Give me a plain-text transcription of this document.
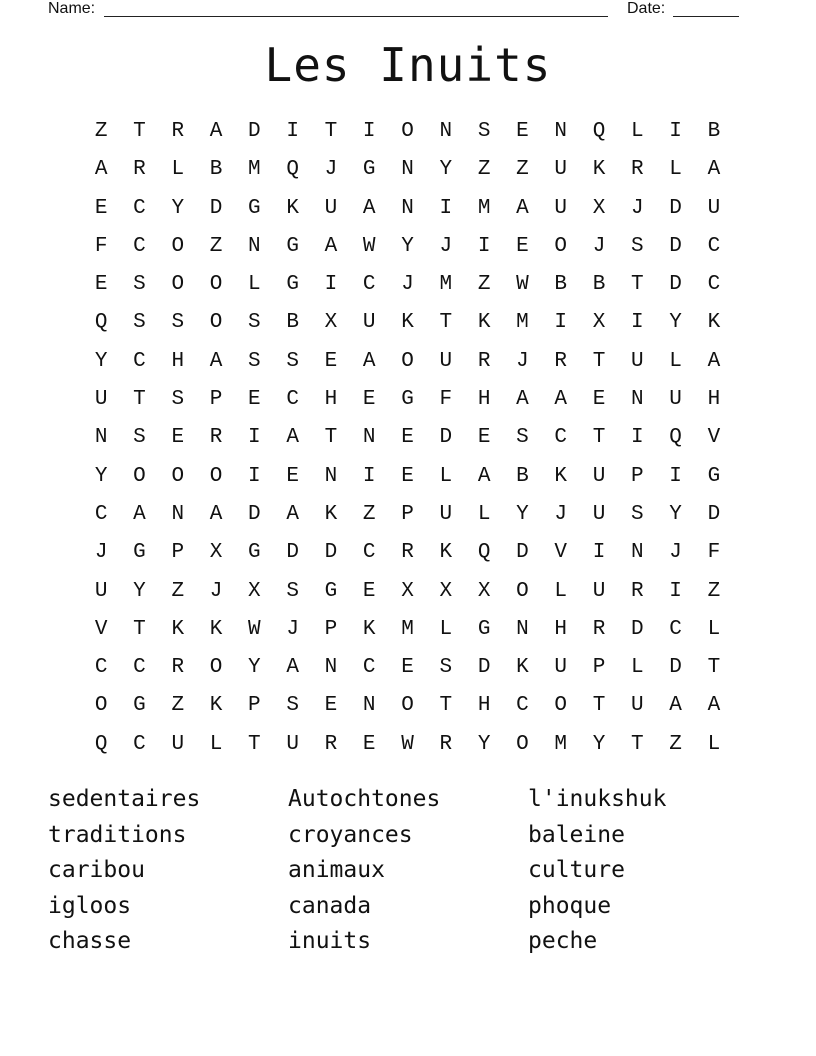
Name:	Date:
Les Inuits
Z	T	R	A	D	I	T	I	O	N	S	E	N	Q	L	I	B
A	R	L	B	M	Q	J	G	N	Y	Z	Z	U	K	R	L	A
E	C	Y	D	G	K	U	A	N	I	M	A	U	X	J	D	U
F	C	O	Z	N	G	A	W	Y	J	I	E	O	J	S	D	C
E	S	O	O	L	G	I	C	J	M	Z	W	B	B	T	D	C
Q	S	S	O	S	B	X	U	K	T	K	M	I	X	I	Y	K
Y	C	H	A	S	S	E	A	O	U	R	J	R	T	U	L	A
U	T	S	P	E	C	H	E	G	F	H	A	A	E	N	U	H
N	S	E	R	I	A	T	N	E	D	E	S	C	T	I	Q	V
Y	O	O	O	I	E	N	I	E	L	A	B	K	U	P	I	G
C	A	N	A	D	A	K	Z	P	U	L	Y	J	U	S	Y	D
J	G	P	X	G	D	D	C	R	K	Q	D	V	I	N	J	F
U	Y	Z	J	X	S	G	E	X	X	X	O	L	U	R	I	Z
V	T	K	K	W	J	P	K	M	L	G	N	H	R	D	C	L
C	C	R	O	Y	A	N	C	E	S	D	K	U	P	L	D	T
O	G	Z	K	P	S	E	N	O	T	H	C	O	T	U	A	A
Q	C	U	L	T	U	R	E	W	R	Y	O	M	Y	T	Z	L
sedentaires	Autochtones	l'inukshuk
traditions	croyances	baleine
caribou	animaux	culture
igloos	canada	phoque
chasse	inuits	peche
